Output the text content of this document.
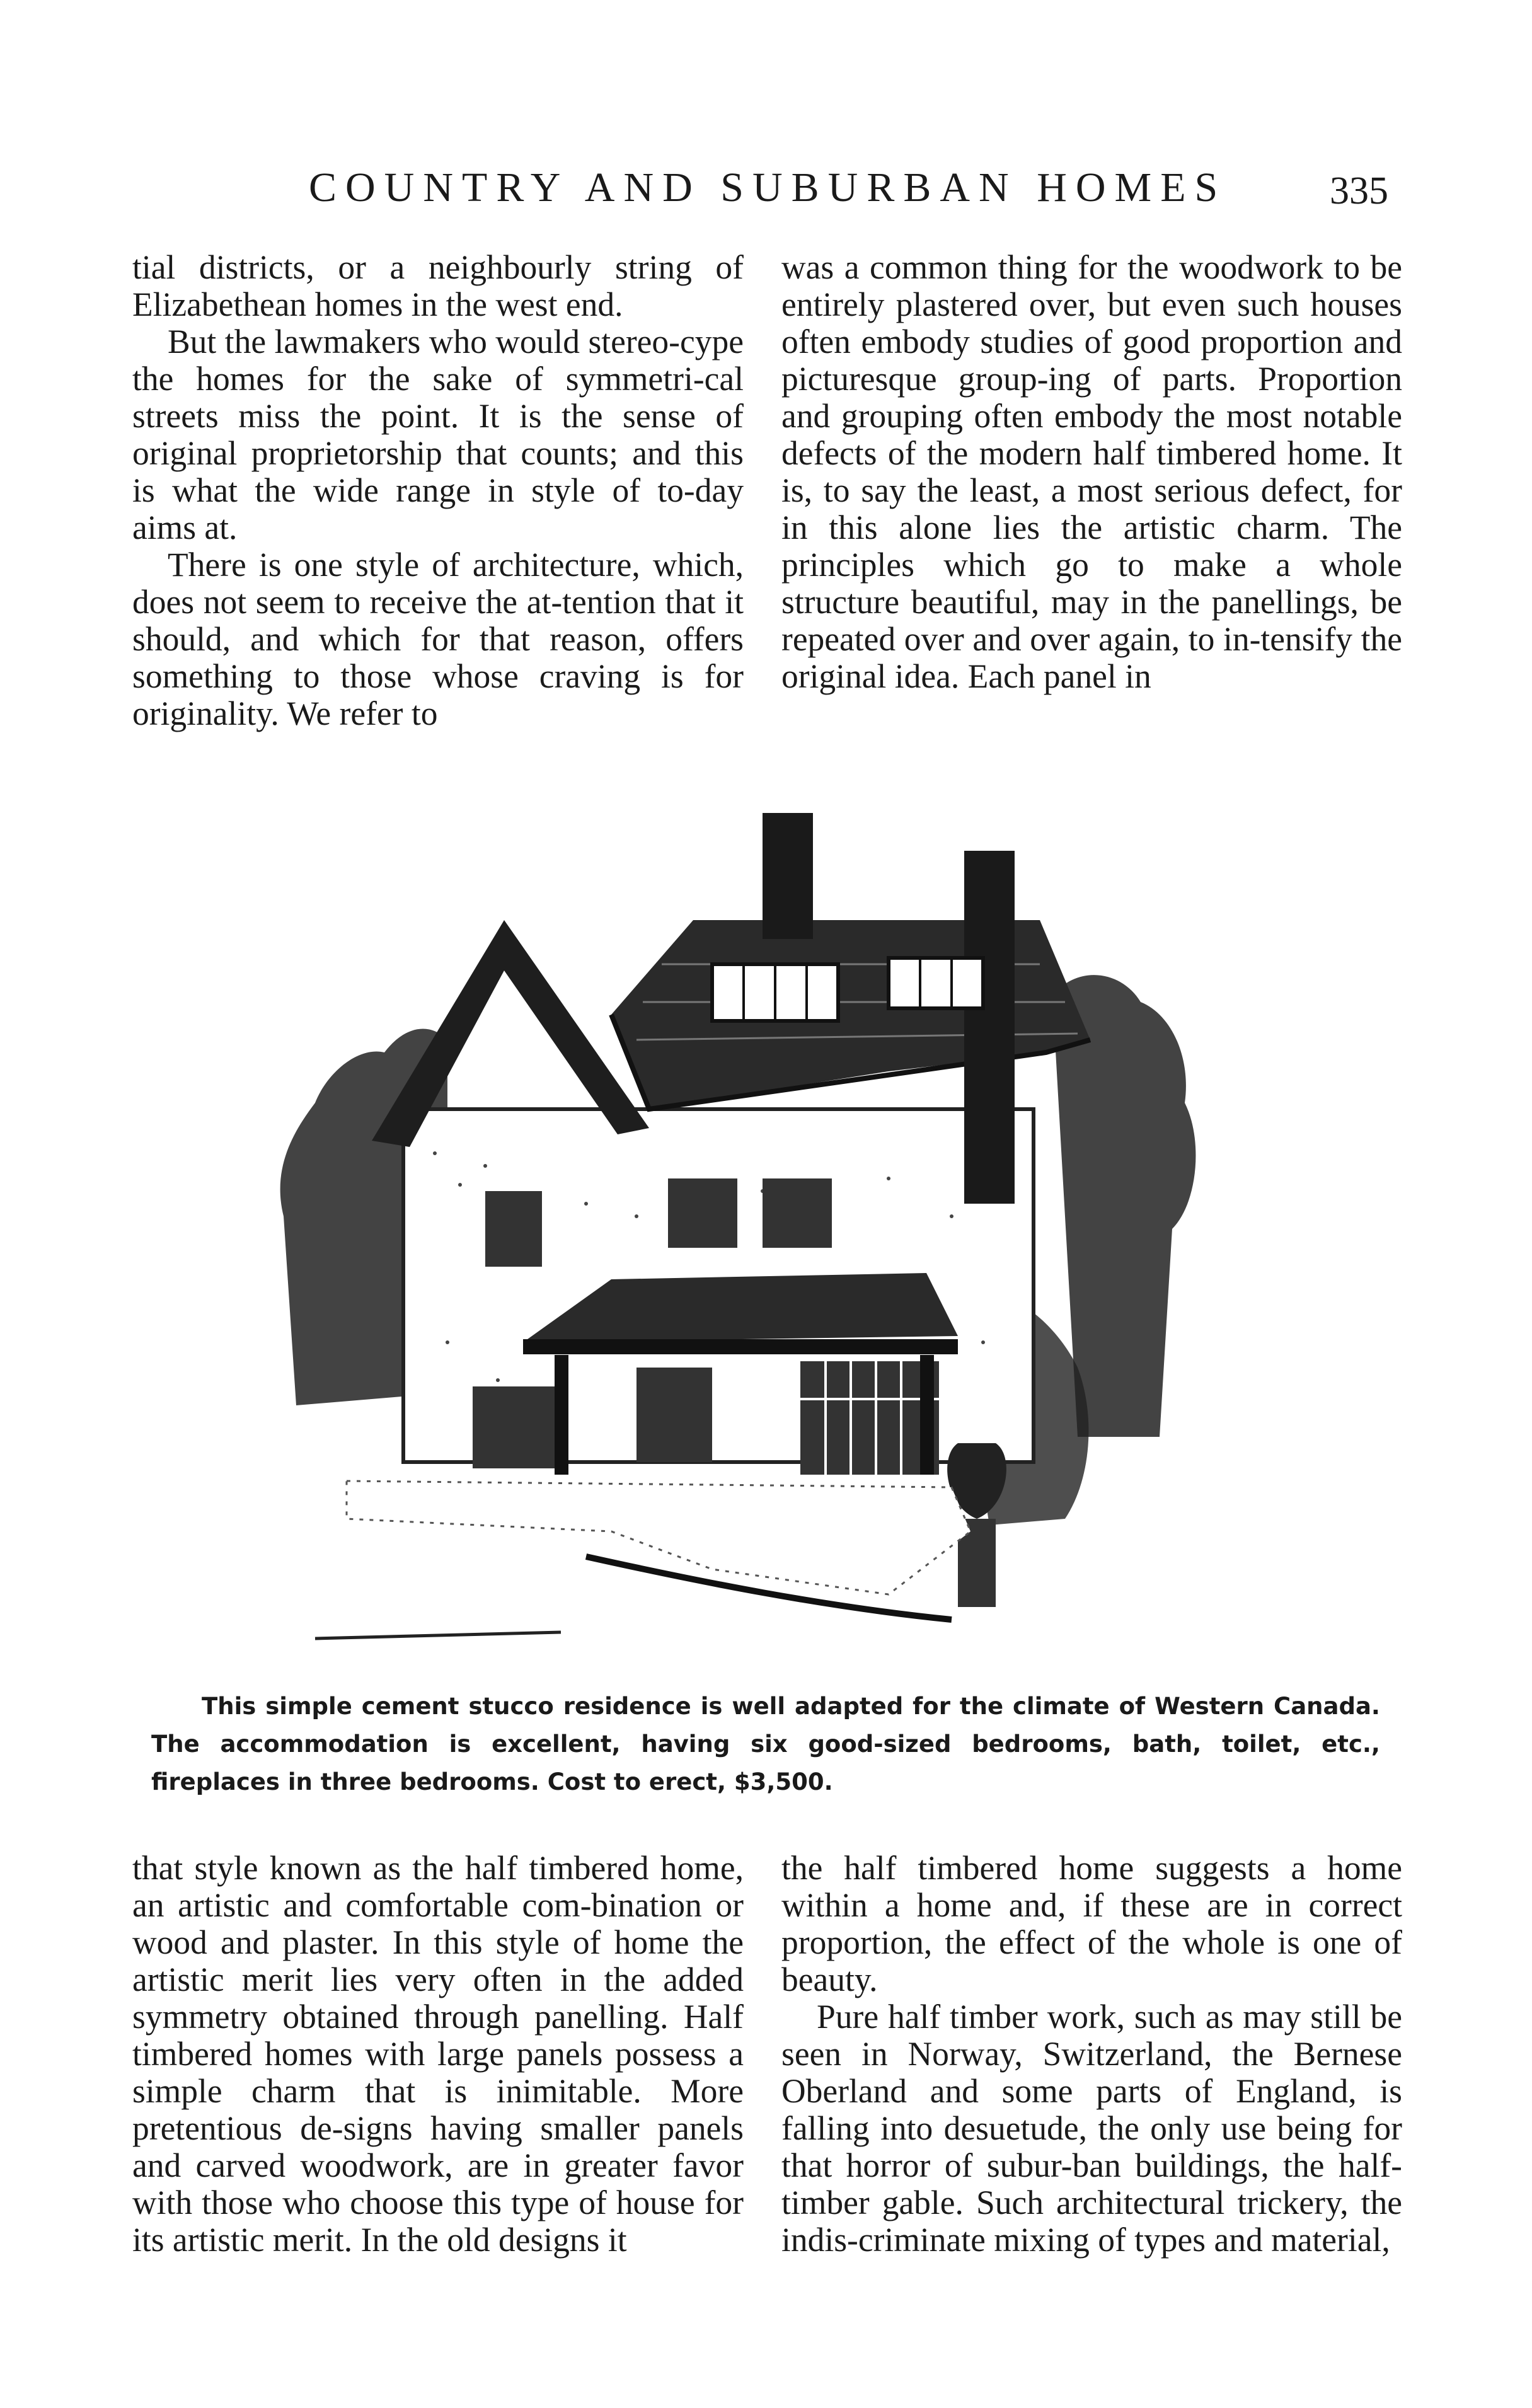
COUNTRY AND SUBURBAN HOMES	335

tial districts, or a neighbourly string of Elizabethean homes in the west end.

But the lawmakers who would stereo-cype the homes for the sake of symmetri-cal streets miss the point. It is the sense of original proprietorship that counts; and this is what the wide range in style of to-day aims at.

There is one style of architecture, which, does not seem to receive the at-tention that it should, and which for that reason, offers something to those whose craving is for originality. We refer to

was a common thing for the woodwork to be entirely plastered over, but even such houses often embody studies of good proportion and picturesque group-ing of parts. Proportion and grouping often embody the most notable defects of the modern half timbered home. It is, to say the least, a most serious defect, for in this alone lies the artistic charm. The principles which go to make a whole structure beautiful, may in the panellings, be repeated over and over again, to in-tensify the original idea. Each panel in

This simple cement stucco residence is well adapted for the climate of Western Canada. The accommodation is excellent, having six good-sized bedrooms, bath, toilet, etc., fireplaces in three bedrooms. Cost to erect, $3,500.

that style known as the half timbered home, an artistic and comfortable com-bination or wood and plaster. In this style of home the artistic merit lies very often in the added symmetry obtained through panelling. Half timbered homes with large panels possess a simple charm that is inimitable. More pretentious de-signs having smaller panels and carved woodwork, are in greater favor with those who choose this type of house for its artistic merit. In the old designs it

the half timbered home suggests a home within a home and, if these are in correct proportion, the effect of the whole is one of beauty.

Pure half timber work, such as may still be seen in Norway, Switzerland, the Bernese Oberland and some parts of England, is falling into desuetude, the only use being for that horror of subur-ban buildings, the half-timber gable. Such architectural trickery, the indis-criminate mixing of types and material,
